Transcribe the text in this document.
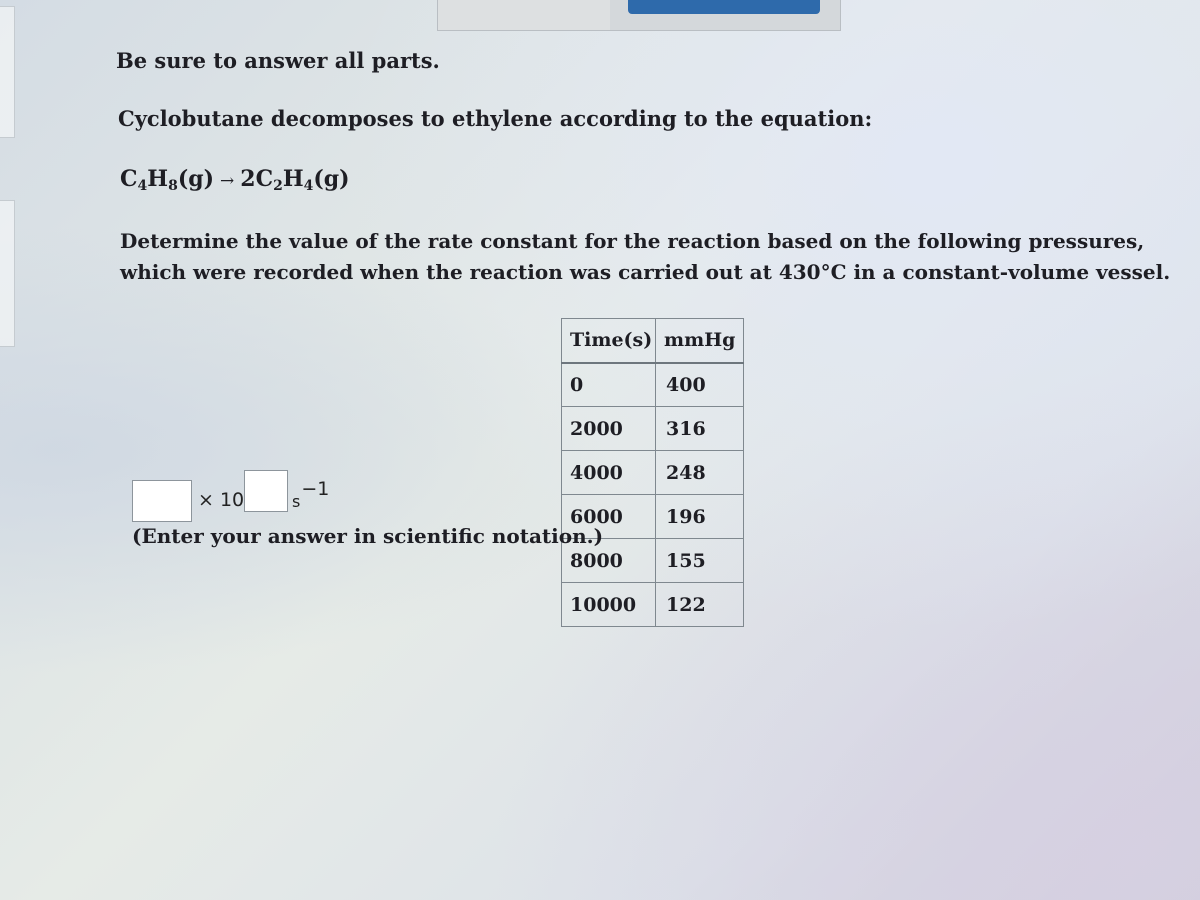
Be sure to answer all parts.
Cyclobutane decomposes to ethylene according to the equation:
$C_4H_8(g) \to 2C_2H_4(g)$
Determine the value of the rate constant for the reaction based on the following pressures, which were recorded when the reaction was carried out at 430°C in a constant-volume vessel.
Time(s)	mmHg
0	400
2000	316
4000	248
6000	196
8000	155
10000	122
× 10	s−1
(Enter your answer in scientific notation.)
